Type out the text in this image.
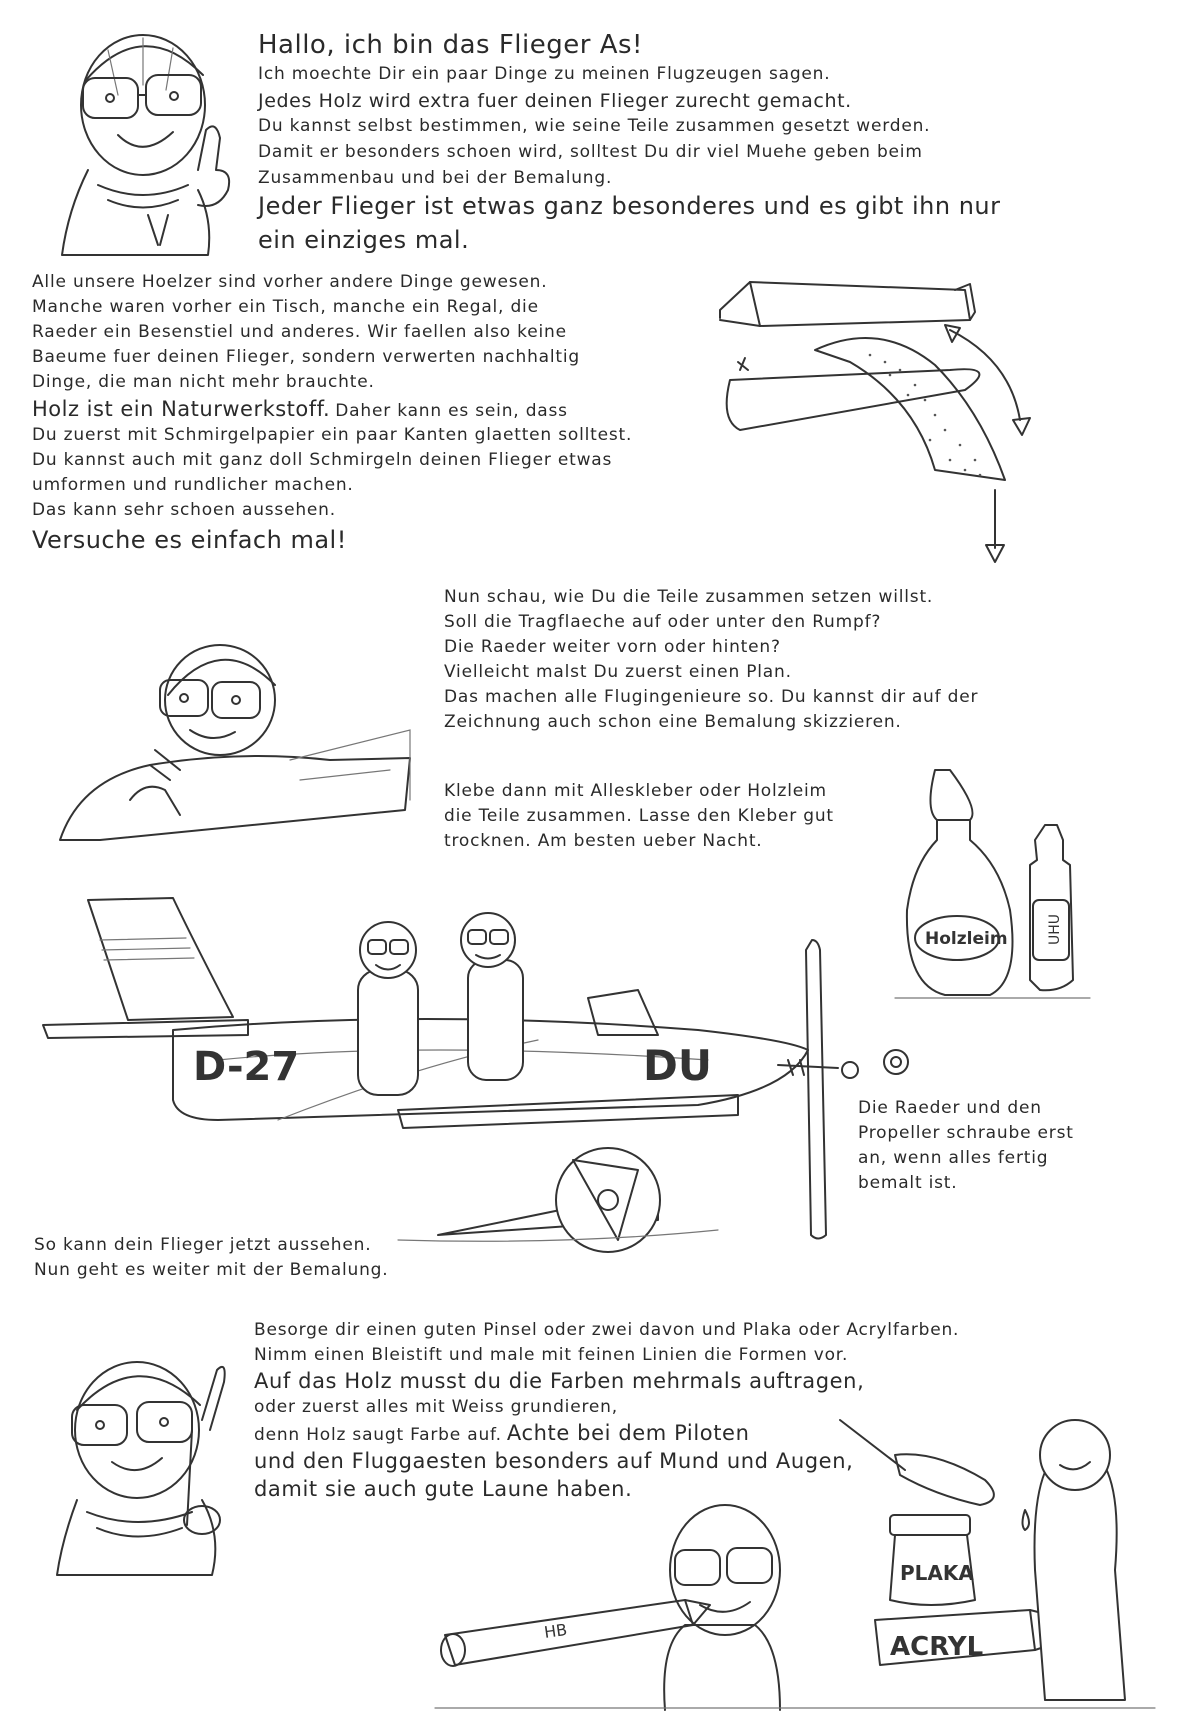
Hallo, ich bin das Flieger As!
Ich moechte Dir ein paar Dinge zu meinen Flugzeugen sagen.
Jedes Holz wird extra fuer deinen Flieger zurecht gemacht.
Du kannst selbst bestimmen, wie seine Teile zusammen gesetzt werden.
Damit er besonders schoen wird, solltest Du dir viel Muehe geben beim
Zusammenbau und bei der Bemalung.
Jeder Flieger ist etwas ganz besonderes und es gibt ihn nur
ein einziges mal.
Alle unsere Hoelzer sind vorher andere Dinge gewesen.
Manche waren vorher ein Tisch, manche ein Regal, die
Raeder ein Besenstiel und anderes. Wir faellen also keine
Baeume fuer deinen Flieger, sondern verwerten nachhaltig
Dinge, die man nicht mehr brauchte.
Holz ist ein Naturwerkstoff. Daher kann es sein, dass
Du zuerst mit Schmirgelpapier ein paar Kanten glaetten solltest.
Du kannst auch mit ganz doll Schmirgeln deinen Flieger etwas
umformen und rundlicher machen.
Das kann sehr schoen aussehen.
Versuche es einfach mal!
Nun schau, wie Du die Teile zusammen setzen willst.
Soll die Tragflaeche auf oder unter den Rumpf?
Die Raeder weiter vorn oder hinten?
Vielleicht malst Du zuerst einen Plan.
Das machen alle Flugingenieure so. Du kannst dir auf der
Zeichnung auch schon eine Bemalung skizzieren.
Klebe dann mit Alleskleber oder Holzleim
die Teile zusammen. Lasse den Kleber gut
trocknen. Am besten ueber Nacht.
Die Raeder und den
Propeller schraube erst
an, wenn alles fertig
bemalt ist.
So kann dein Flieger jetzt aussehen.
Nun geht es weiter mit der Bemalung.
Besorge dir einen guten Pinsel oder zwei davon und Plaka oder Acrylfarben.
Nimm einen Bleistift und male mit feinen Linien die Formen vor.
Auf das Holz musst du die Farben mehrmals auftragen,
oder zuerst alles mit Weiss grundieren,
denn Holz saugt Farbe auf. Achte bei dem Piloten
und den Fluggaesten besonders auf Mund und Augen,
damit sie auch gute Laune haben.
Holzleim	UHU
D-27	DU
HB
PLAKA
ACRYL
